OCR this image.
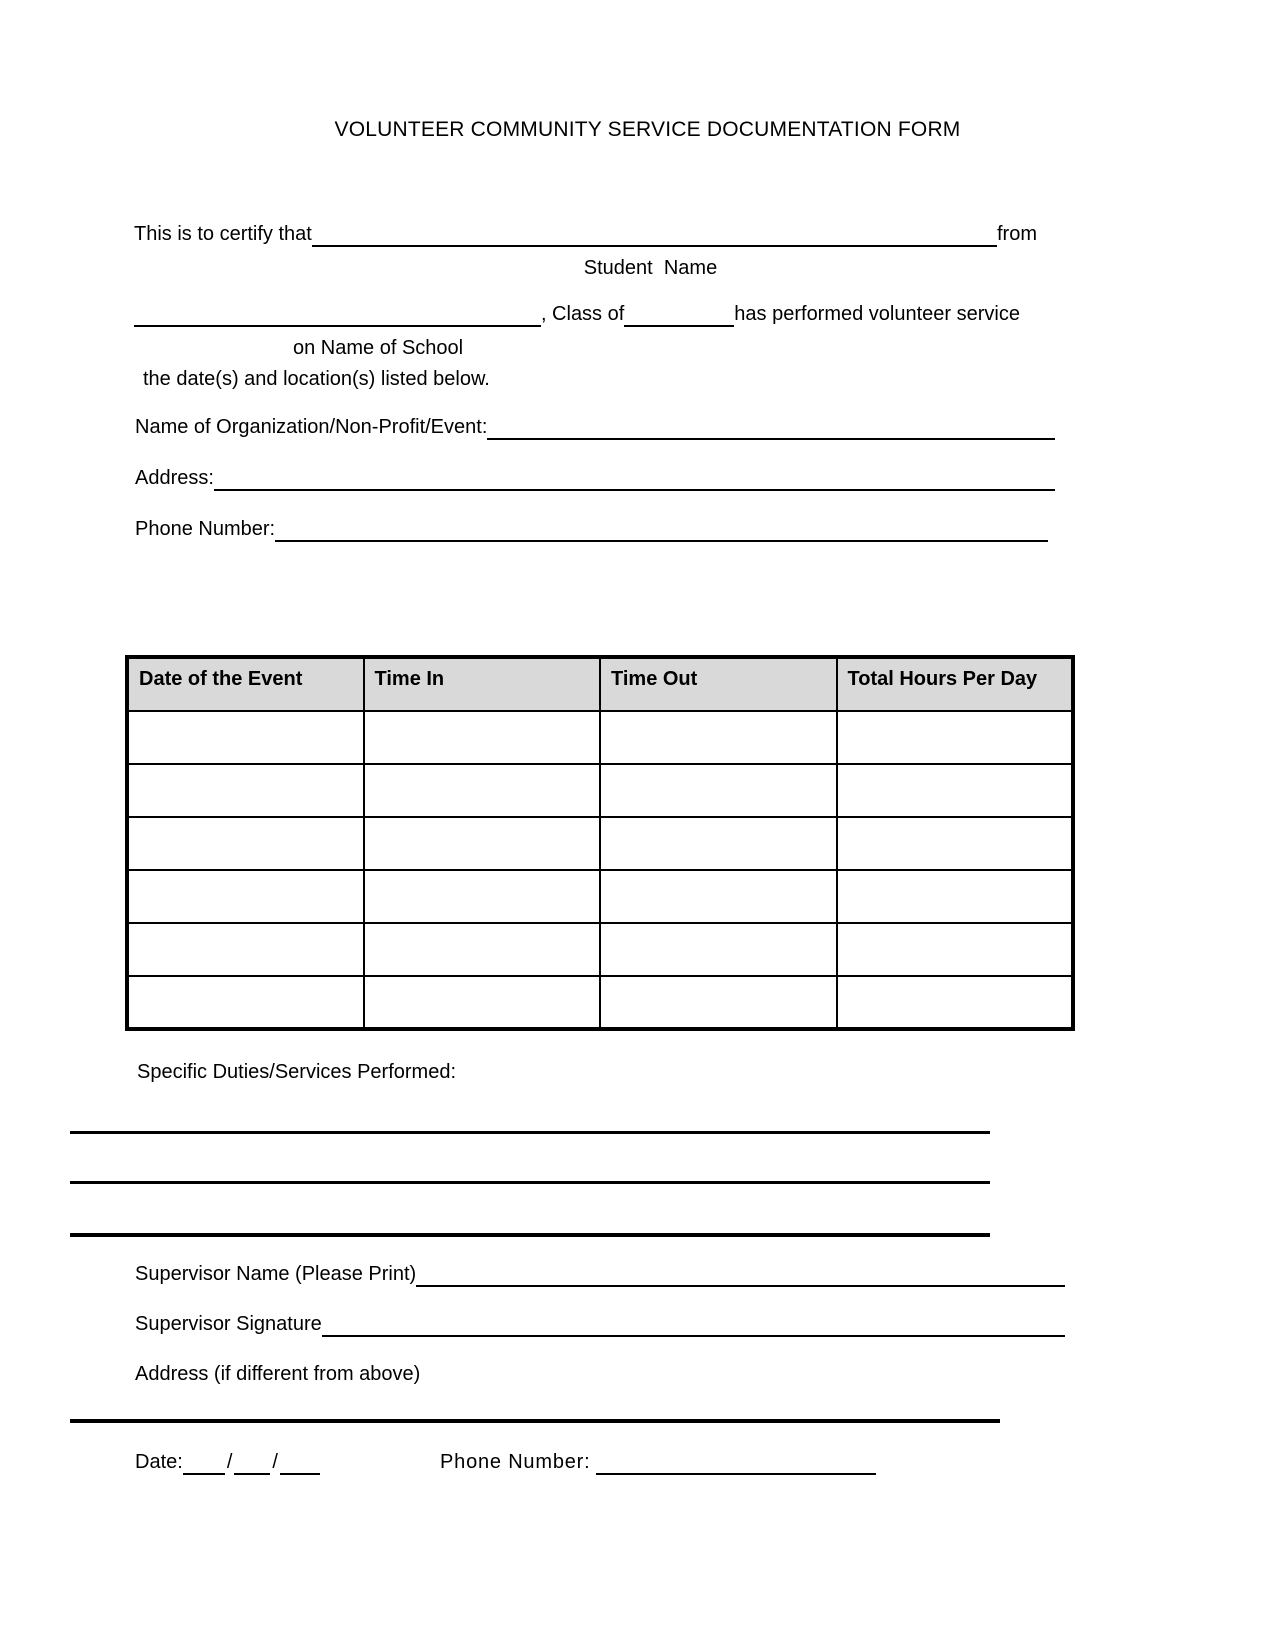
VOLUNTEER COMMUNITY SERVICE DOCUMENTATION FORM
This is to certify that	from
Student  Name
, Class of	has performed volunteer service
on Name of School
the date(s) and location(s) listed below.
Name of Organization/Non-Profit/Event:
Address:
Phone Number:
Date of the Event	Time In	Time Out	Total Hours Per Day

Specific Duties/Services Performed:
Supervisor Name (Please Print)
Supervisor Signature
Address (if different from above)
Date: / /	Phone Number:
